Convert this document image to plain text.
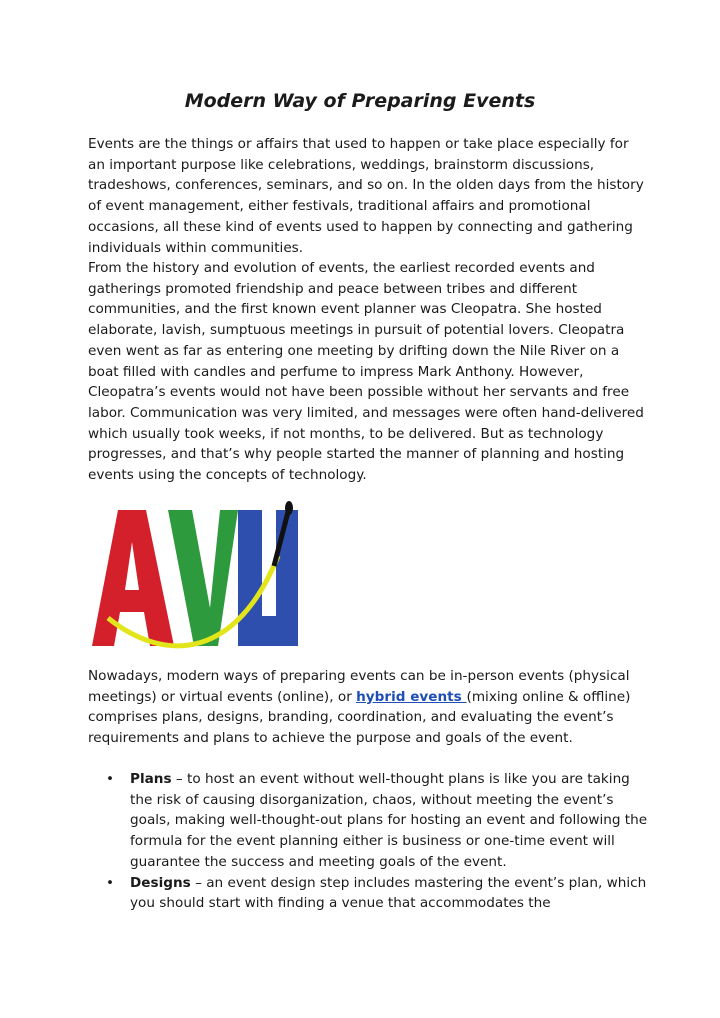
Modern Way of Preparing Events

Events are the things or affairs that used to happen or take place especially for an important purpose like celebrations, weddings, brainstorm discussions, tradeshows, conferences, seminars, and so on. In the olden days from the history of event management, either festivals, traditional affairs and promotional occasions, all these kind of events used to happen by connecting and gathering individuals within communities.

From the history and evolution of events, the earliest recorded events and gatherings promoted friendship and peace between tribes and different communities, and the first known event planner was Cleopatra. She hosted elaborate, lavish, sumptuous meetings in pursuit of potential lovers. Cleopatra even went as far as entering one meeting by drifting down the Nile River on a boat filled with candles and perfume to impress Mark Anthony. However, Cleopatra’s events would not have been possible without her servants and free labor. Communication was very limited, and messages were often hand-delivered which usually took weeks, if not months, to be delivered. But as technology progresses, and that’s why people started the manner of planning and hosting events using the concepts of technology.

Nowadays, modern ways of preparing events can be in-person events (physical meetings) or virtual events (online), or hybrid events (mixing online & offline) comprises plans, designs, branding, coordination, and evaluating the event’s requirements and plans to achieve the purpose and goals of the event.

• Plans – to host an event without well-thought plans is like you are taking the risk of causing disorganization, chaos, without meeting the event’s goals, making well-thought-out plans for hosting an event and following the formula for the event planning either is business or one-time event will guarantee the success and meeting goals of the event.
• Designs – an event design step includes mastering the event’s plan, which you should start with finding a venue that accommodates the
